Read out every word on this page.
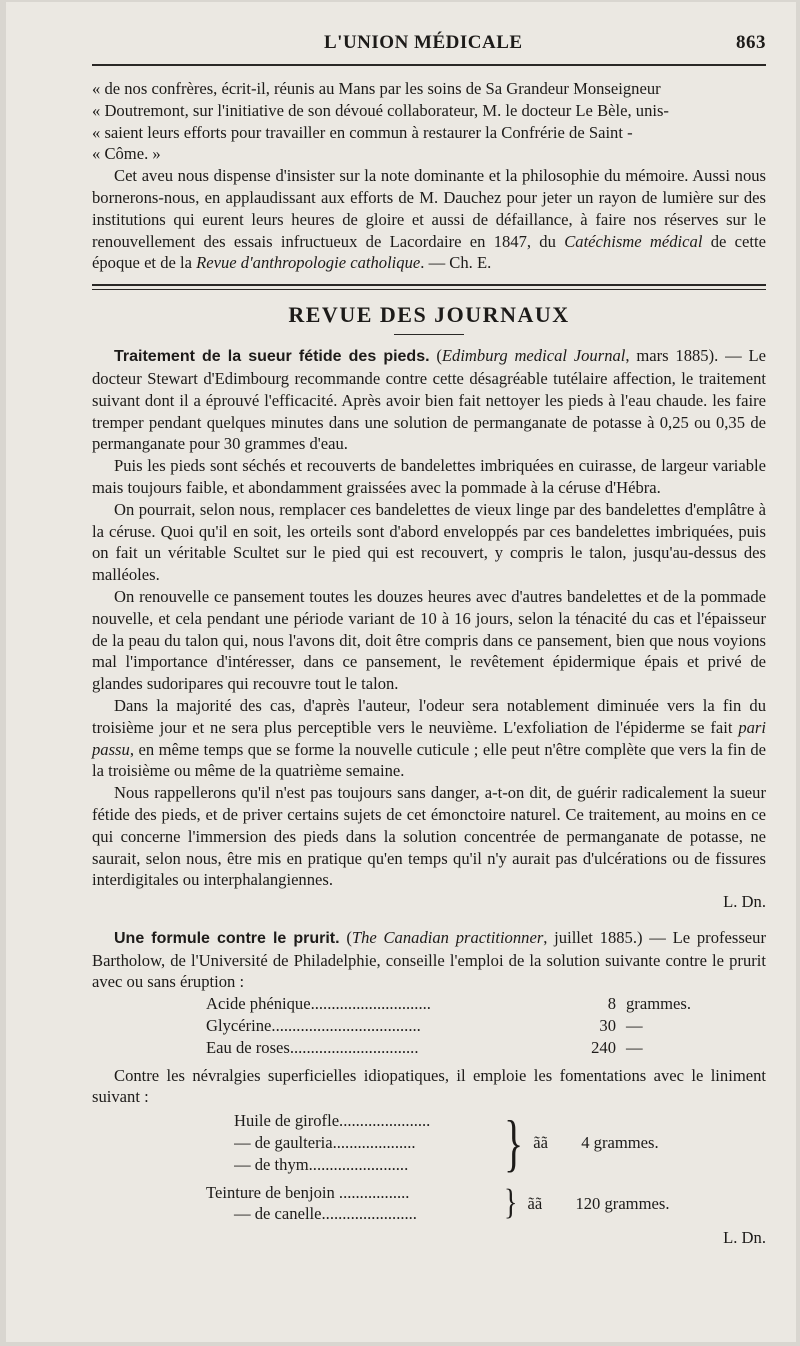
L'UNION MÉDICALE	863
« de nos confrères, écrit-il, réunis au Mans par les soins de Sa Grandeur Monseigneur
« Doutremont, sur l'initiative de son dévoué collaborateur, M. le docteur Le Bèle, unis-
« saient leurs efforts pour travailler en commun à restaurer la Confrérie de Saint -
« Côme. »

Cet aveu nous dispense d'insister sur la note dominante et la philosophie du mémoire. Aussi nous bornerons-nous, en applaudissant aux efforts de M. Dauchez pour jeter un rayon de lumière sur des institutions qui eurent leurs heures de gloire et aussi de défaillance, à faire nos réserves sur le renouvellement des essais infructueux de Lacordaire en 1847, du Catéchisme médical de cette époque et de la Revue d'anthropologie catholique. — Ch. E.

REVUE DES JOURNAUX

Traitement de la sueur fétide des pieds. (Edimburg medical Journal, mars 1885). — Le docteur Stewart d'Edimbourg recommande contre cette désagréable tutélaire affection, le traitement suivant dont il a éprouvé l'efficacité. Après avoir bien fait nettoyer les pieds à l'eau chaude. les faire tremper pendant quelques minutes dans une solution de permanganate de potasse à 0,25 ou 0,35 de permanganate pour 30 grammes d'eau.

Puis les pieds sont séchés et recouverts de bandelettes imbriquées en cuirasse, de largeur variable mais toujours faible, et abondamment graissées avec la pommade à la céruse d'Hébra.

On pourrait, selon nous, remplacer ces bandelettes de vieux linge par des bandelettes d'emplâtre à la céruse. Quoi qu'il en soit, les orteils sont d'abord enveloppés par ces bandelettes imbriquées, puis on fait un véritable Scultet sur le pied qui est recouvert, y compris le talon, jusqu'au-dessus des malléoles.

On renouvelle ce pansement toutes les douzes heures avec d'autres bandelettes et de la pommade nouvelle, et cela pendant une période variant de 10 à 16 jours, selon la ténacité du cas et l'épaisseur de la peau du talon qui, nous l'avons dit, doit être compris dans ce pansement, bien que nous voyions mal l'importance d'intéresser, dans ce pansement, le revêtement épidermique épais et privé de glandes sudoripares qui recouvre tout le talon.

Dans la majorité des cas, d'après l'auteur, l'odeur sera notablement diminuée vers la fin du troisième jour et ne sera plus perceptible vers le neuvième. L'exfoliation de l'épiderme se fait pari passu, en même temps que se forme la nouvelle cuticule ; elle peut n'être complète que vers la fin de la troisième ou même de la quatrième semaine.

Nous rappellerons qu'il n'est pas toujours sans danger, a-t-on dit, de guérir radicalement la sueur fétide des pieds, et de priver certains sujets de cet émonctoire naturel. Ce traitement, au moins en ce qui concerne l'immersion des pieds dans la solution concentrée de permanganate de potasse, ne saurait, selon nous, être mis en pratique qu'en temps qu'il n'y aurait pas d'ulcérations ou de fissures interdigitales ou interphalangiennes.

L. Dn.

Une formule contre le prurit. (The Canadian practitionner, juillet 1885.) — Le professeur Bartholow, de l'Université de Philadelphie, conseille l'emploi de la solution suivante contre le prurit avec ou sans éruption :

Acide phénique.............................	8 grammes.
Glycérine....................................	30 —
Eau de roses...............................	240 —

Contre les névralgies superficielles idiopatiques, il emploie les fomentations avec le liniment suivant :

Huile de girofle......................
— de gaulteria....................
— de thym........................	} ãã	4 grammes.
Teinture de benjoin .................
— de canelle.......................	} ãã	120 grammes.

L. Dn.
